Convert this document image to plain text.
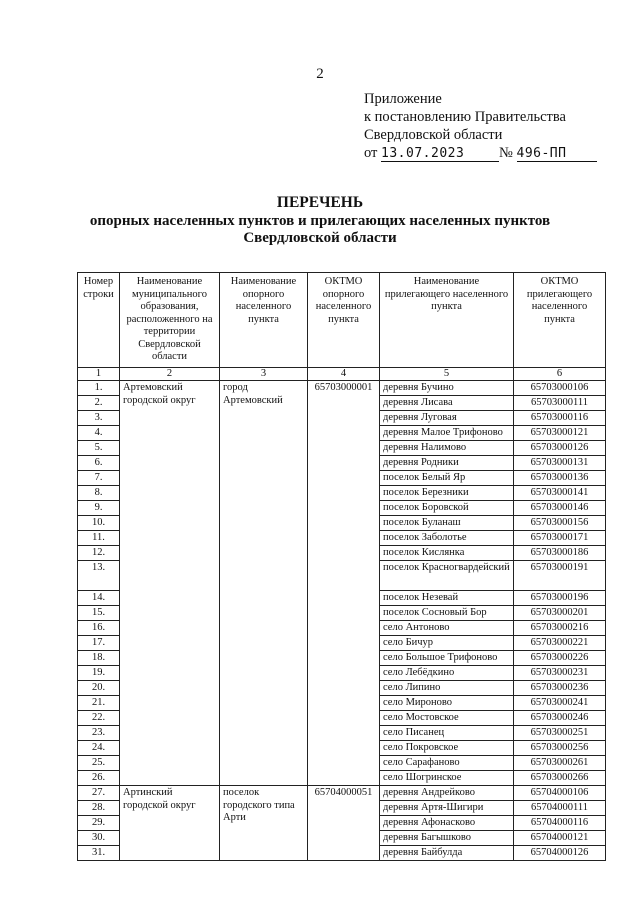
2
Приложение
к постановлению Правительства
Свердловской области
от 13.07.2023 № 496-ПП
ПЕРЕЧЕНЬ
опорных населенных пунктов и прилегающих населенных пунктов
Свердловской области
Номер строки	Наименование муниципального образования, расположенного на территории Свердловской области	Наименование опорного населенного пункта	ОКТМО опорного населенного пункта	Наименование прилегающего населенного пункта	ОКТМО прилегающего населенного пункта
1	2	3	4	5	6
1.	Артемовский городской округ	город Артемовский	65703000001	деревня Бучино	65703000106
2.				деревня Лисава	65703000111
3.				деревня Луговая	65703000116
4.				деревня Малое Трифоново	65703000121
5.				деревня Налимово	65703000126
6.				деревня Родники	65703000131
7.				поселок Белый Яр	65703000136
8.				поселок Березники	65703000141
9.				поселок Боровской	65703000146
10.				поселок Буланаш	65703000156
11.				поселок Заболотье	65703000171
12.				поселок Кислянка	65703000186
13.				поселок Красногвардейский	65703000191
14.				поселок Незевай	65703000196
15.				поселок Сосновый Бор	65703000201
16.				село Антоново	65703000216
17.				село Бичур	65703000221
18.				село Большое Трифоново	65703000226
19.				село Лебёдкино	65703000231
20.				село Липино	65703000236
21.				село Мироново	65703000241
22.				село Мостовское	65703000246
23.				село Писанец	65703000251
24.				село Покровское	65703000256
25.				село Сарафаново	65703000261
26.				село Шогринское	65703000266
27.	Артинский городской округ	поселок городского типа Арти	65704000051	деревня Андрейково	65704000106
28.				деревня Артя-Шигири	65704000111
29.				деревня Афонасково	65704000116
30.				деревня Багышково	65704000121
31.				деревня Байбулда	65704000126
